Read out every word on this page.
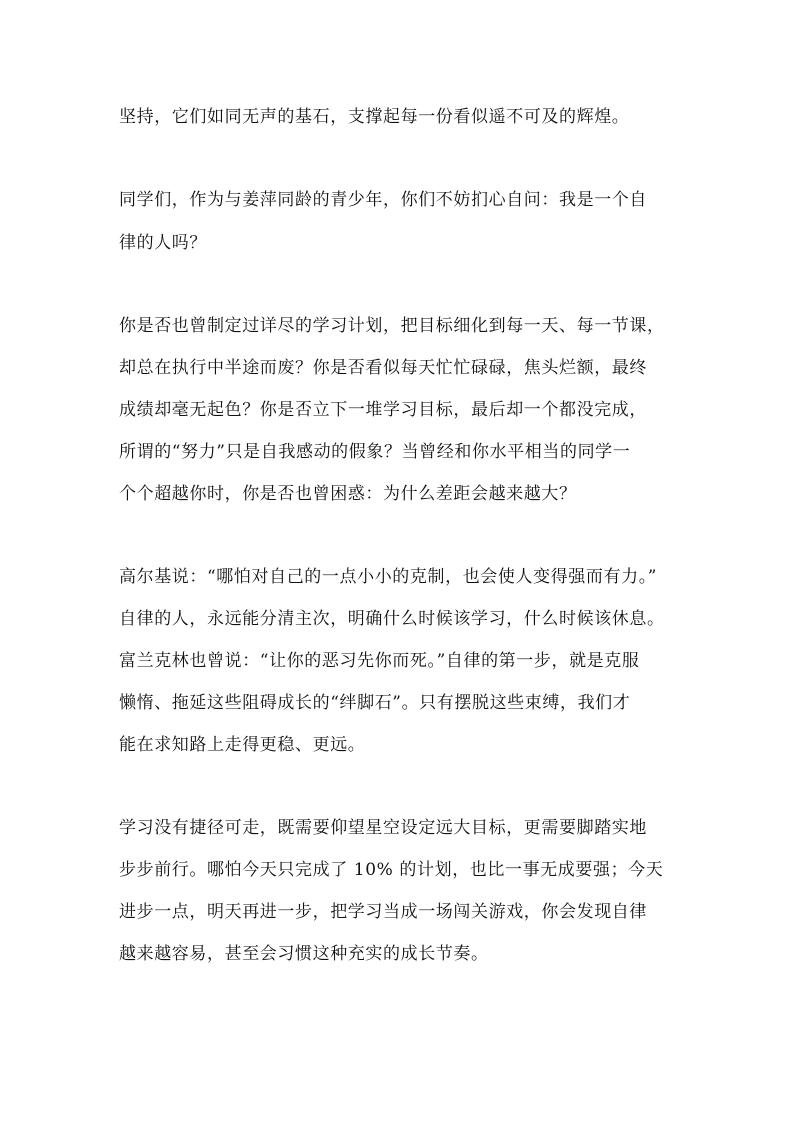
坚持，它们如同无声的基石，支撑起每一份看似遥不可及的辉煌。
同学们，作为与姜萍同龄的青少年，你们不妨扪心自问：我是一个自
律的人吗？
你是否也曾制定过详尽的学习计划，把目标细化到每一天、每一节课，
却总在执行中半途而废？你是否看似每天忙忙碌碌，焦头烂额，最终
成绩却毫无起色？你是否立下一堆学习目标，最后却一个都没完成，
所谓的“努力”只是自我感动的假象？当曾经和你水平相当的同学一
个个超越你时，你是否也曾困惑：为什么差距会越来越大？
高尔基说：“哪怕对自己的一点小小的克制，也会使人变得强而有力。”
自律的人，永远能分清主次，明确什么时候该学习，什么时候该休息。
富兰克林也曾说：“让你的恶习先你而死。”自律的第一步，就是克服
懒惰、拖延这些阻碍成长的“绊脚石”。只有摆脱这些束缚，我们才
能在求知路上走得更稳、更远。
学习没有捷径可走，既需要仰望星空设定远大目标，更需要脚踏实地
步步前行。哪怕今天只完成了 10% 的计划，也比一事无成要强；今天
进步一点，明天再进一步，把学习当成一场闯关游戏，你会发现自律
越来越容易，甚至会习惯这种充实的成长节奏。
